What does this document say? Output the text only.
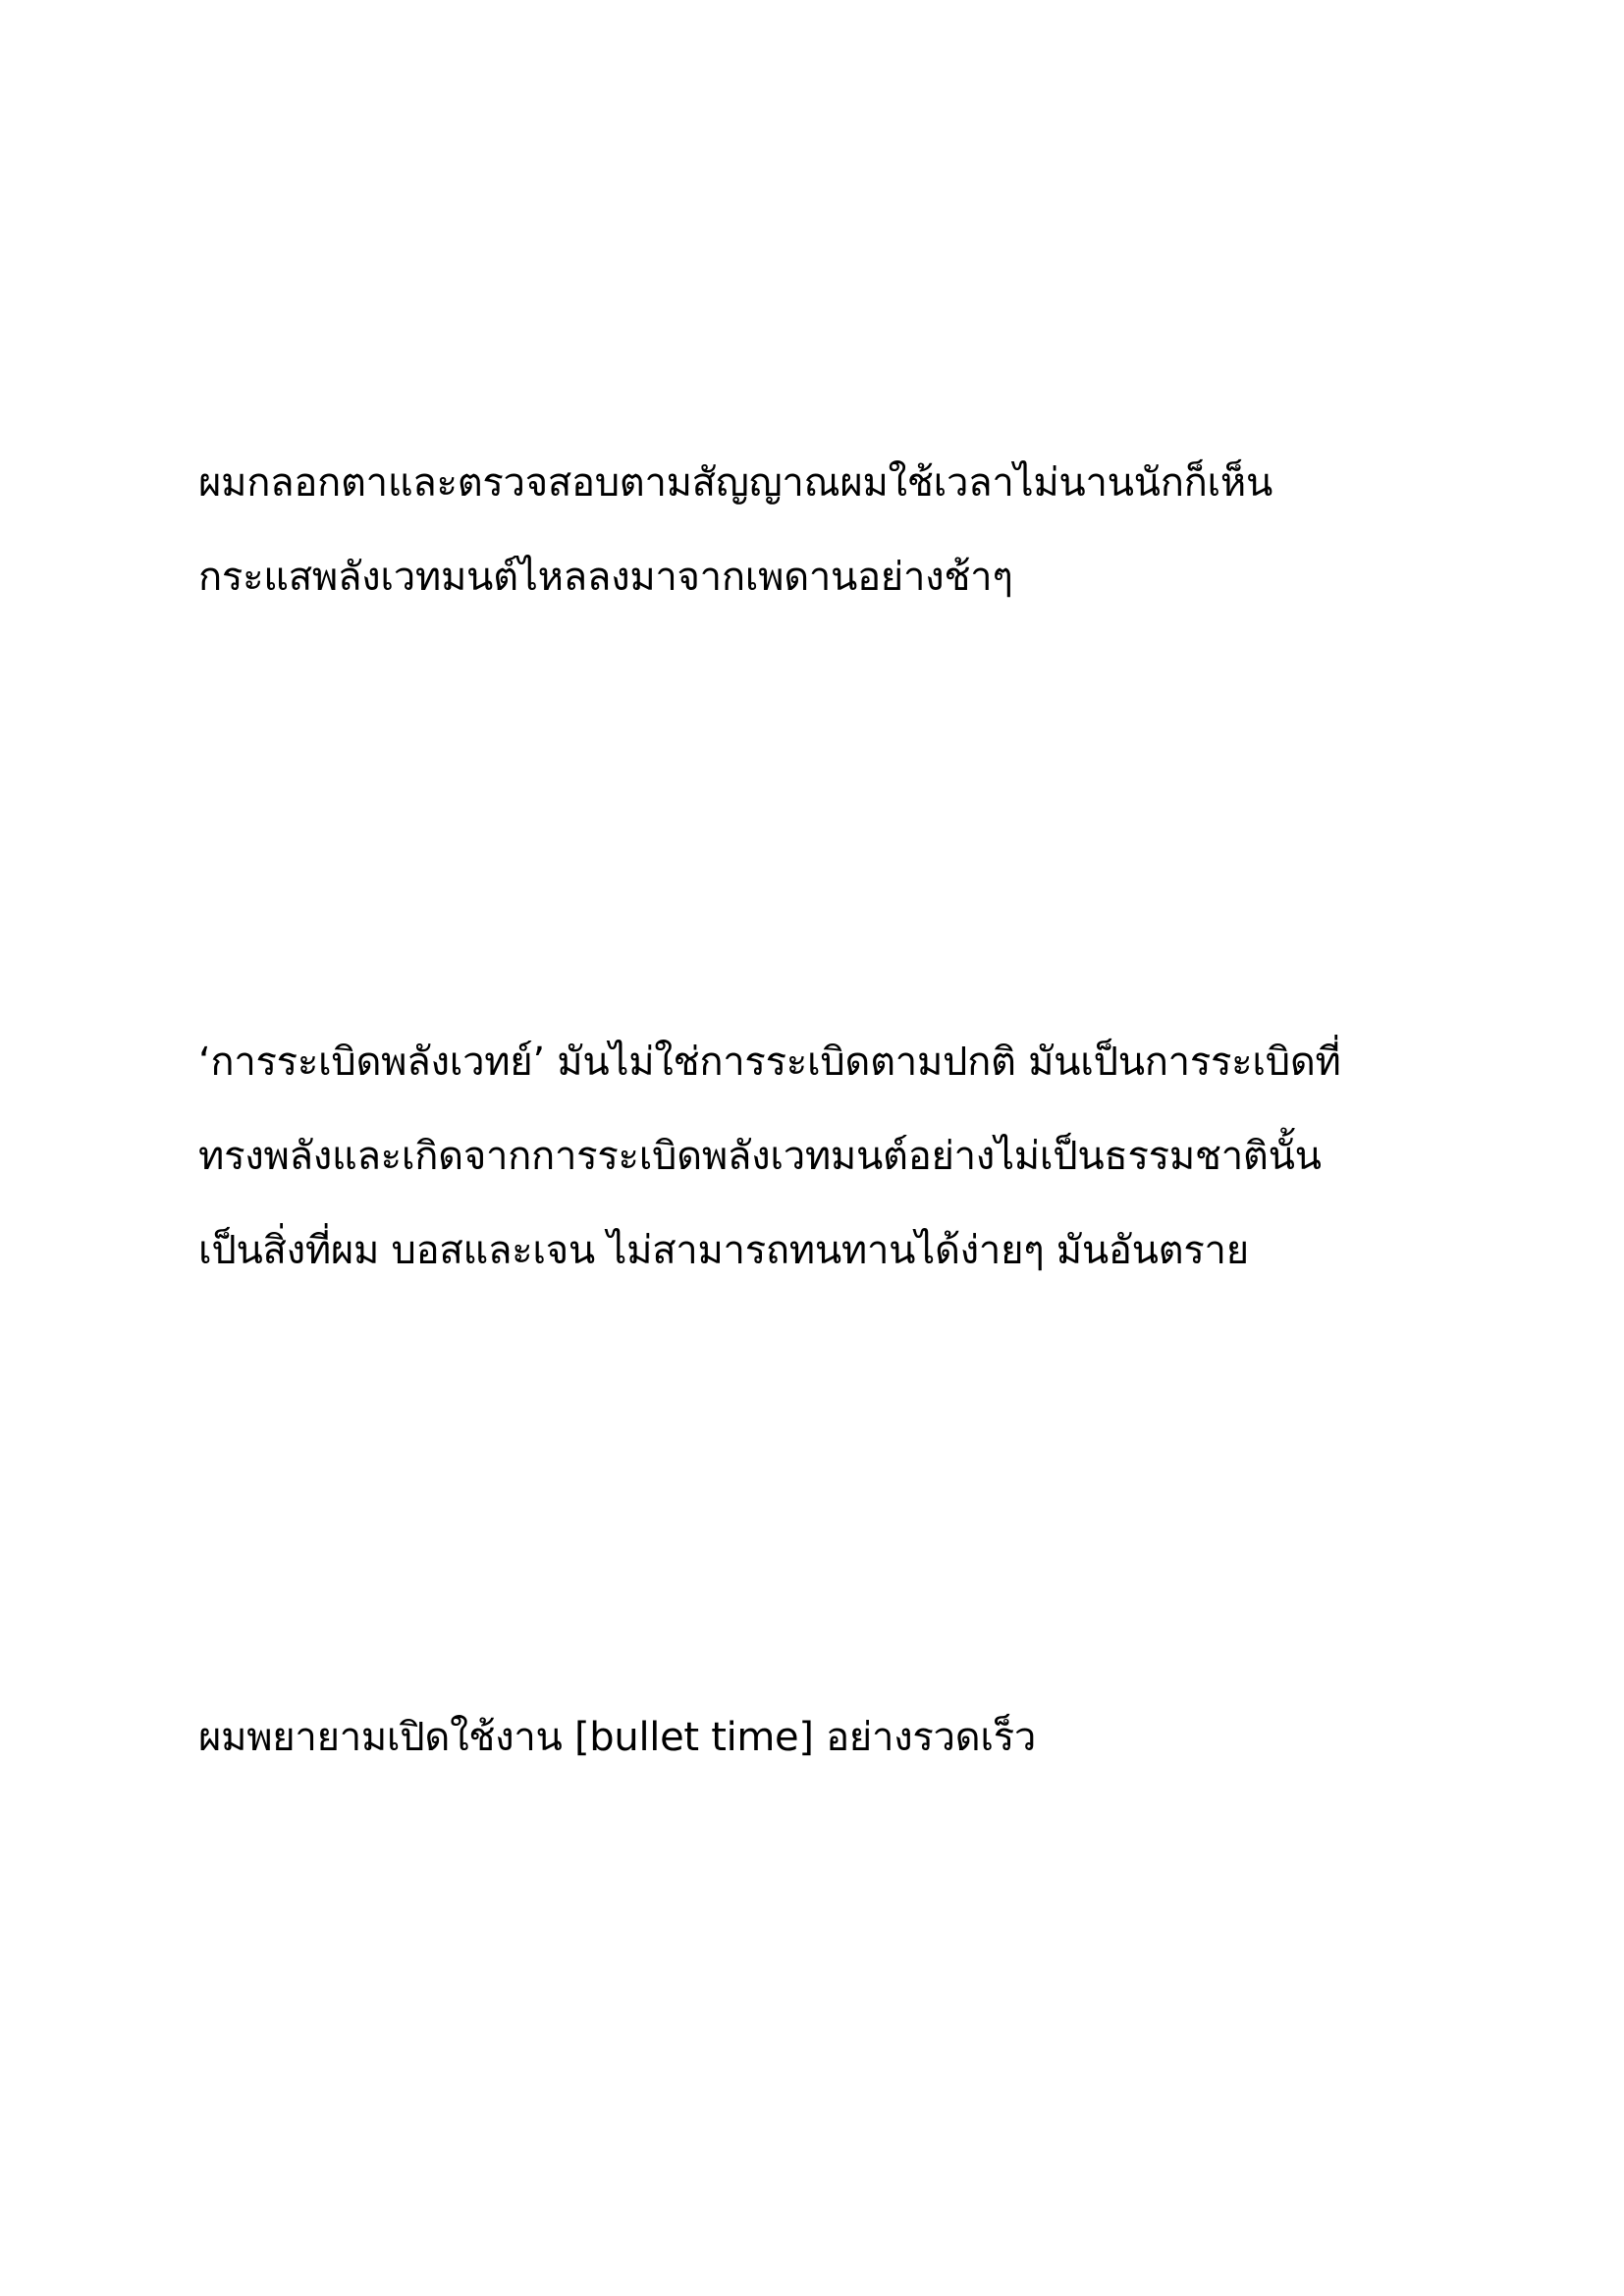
ผมกลอกตาและตรวจสอบตามสัญญาณผมใช้เวลาไม่นานนักก็เห็น
กระแสพลังเวทมนต์ไหลลงมาจากเพดานอย่างช้าๆ

‘การระเบิดพลังเวทย์’ มันไม่ใช่การระเบิดตามปกติ มันเป็นการระเบิดที่
ทรงพลังและเกิดจากการระเบิดพลังเวทมนต์อย่างไม่เป็นธรรมชาตินั้น
เป็นสิ่งที่ผม บอสและเจน ไม่สามารถทนทานได้ง่ายๆ มันอันตราย

ผมพยายามเปิดใช้งาน [bullet time] อย่างรวดเร็ว
